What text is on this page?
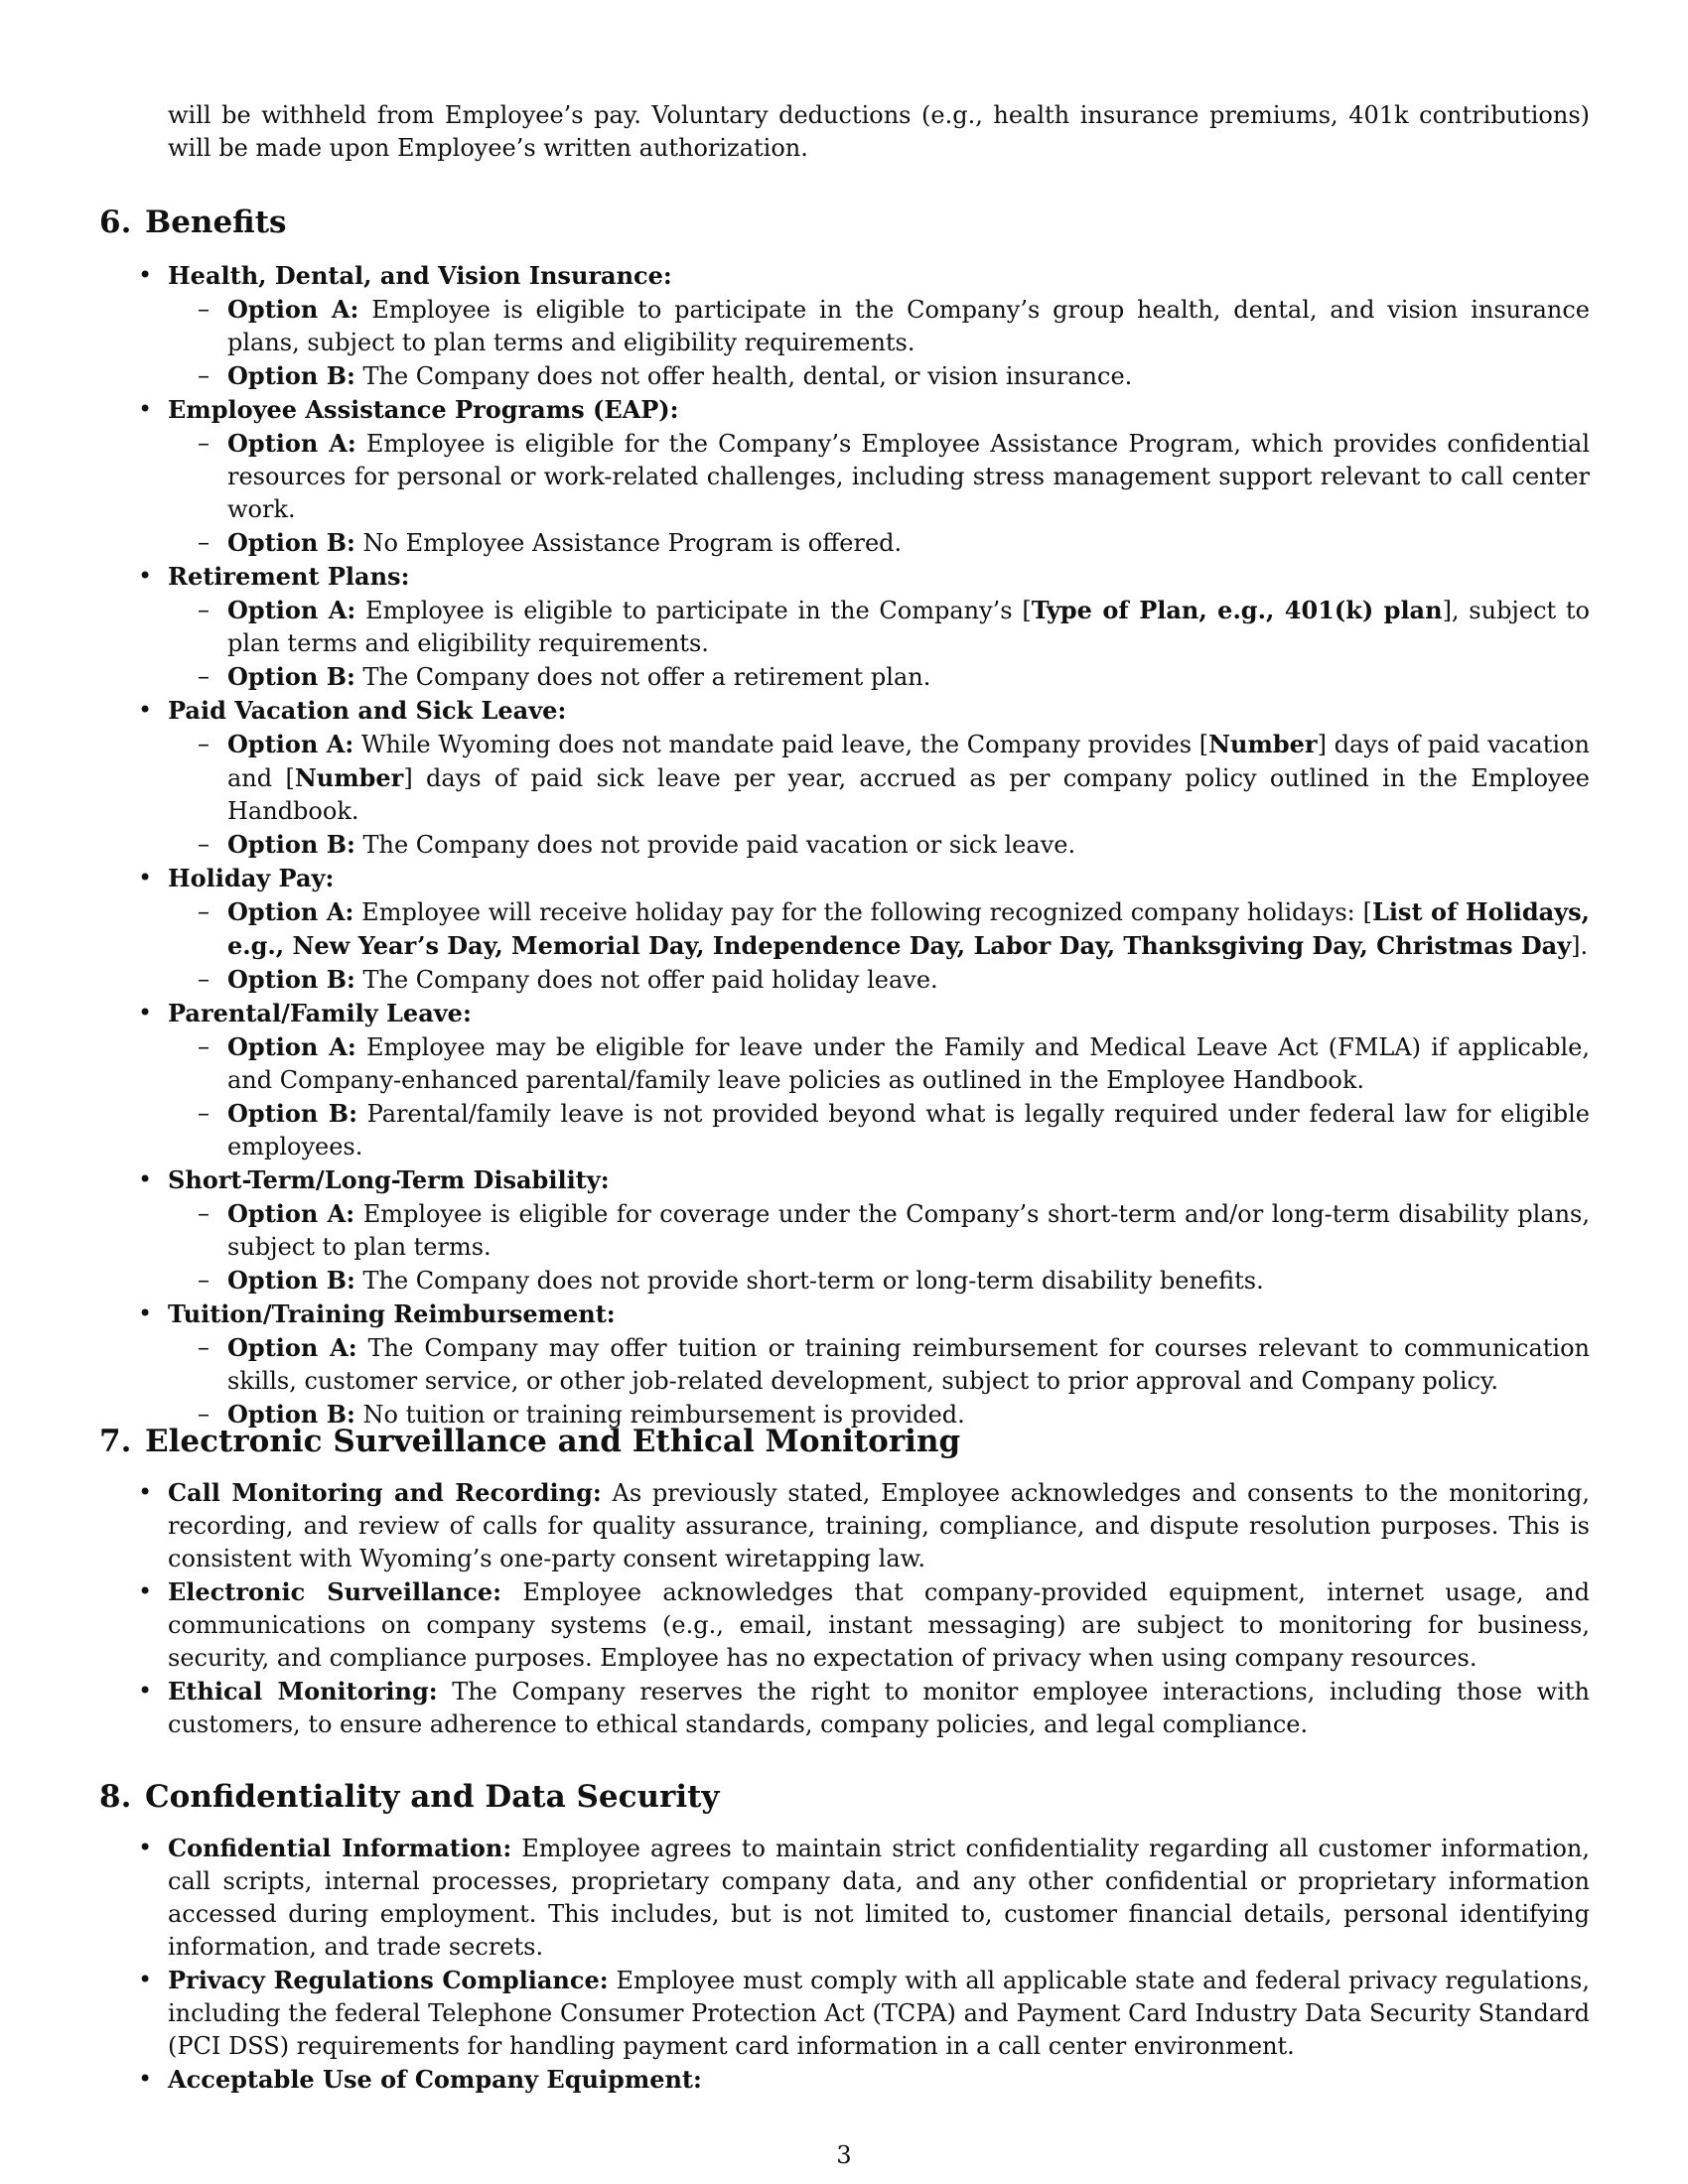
will be withheld from Employee’s pay. Voluntary deductions (e.g., health insurance premiums, 401k contributions) will be made upon Employee’s written authorization.

6. Benefits
• Health, Dental, and Vision Insurance:
– Option A: Employee is eligible to participate in the Company’s group health, dental, and vision insurance plans, subject to plan terms and eligibility requirements.
– Option B: The Company does not offer health, dental, or vision insurance.
• Employee Assistance Programs (EAP):
– Option A: Employee is eligible for the Company’s Employee Assistance Program, which provides confidential resources for personal or work-related challenges, including stress management support relevant to call center work.
– Option B: No Employee Assistance Program is offered.
• Retirement Plans:
– Option A: Employee is eligible to participate in the Company’s [Type of Plan, e.g., 401(k) plan], subject to plan terms and eligibility requirements.
– Option B: The Company does not offer a retirement plan.
• Paid Vacation and Sick Leave:
– Option A: While Wyoming does not mandate paid leave, the Company provides [Number] days of paid vacation and [Number] days of paid sick leave per year, accrued as per company policy outlined in the Employee Handbook.
– Option B: The Company does not provide paid vacation or sick leave.
• Holiday Pay:
– Option A: Employee will receive holiday pay for the following recognized company holidays: [List of Holidays, e.g., New Year’s Day, Memorial Day, Independence Day, Labor Day, Thanksgiving Day, Christmas Day].
– Option B: The Company does not offer paid holiday leave.
• Parental/Family Leave:
– Option A: Employee may be eligible for leave under the Family and Medical Leave Act (FMLA) if applicable, and Company-enhanced parental/family leave policies as outlined in the Employee Handbook.
– Option B: Parental/family leave is not provided beyond what is legally required under federal law for eligible employees.
• Short-Term/Long-Term Disability:
– Option A: Employee is eligible for coverage under the Company’s short-term and/or long-term disability plans, subject to plan terms.
– Option B: The Company does not provide short-term or long-term disability benefits.
• Tuition/Training Reimbursement:
– Option A: The Company may offer tuition or training reimbursement for courses relevant to communication skills, customer service, or other job-related development, subject to prior approval and Company policy.
– Option B: No tuition or training reimbursement is provided.
7. Electronic Surveillance and Ethical Monitoring
• Call Monitoring and Recording: As previously stated, Employee acknowledges and consents to the monitoring, recording, and review of calls for quality assurance, training, compliance, and dispute resolution purposes. This is consistent with Wyoming’s one-party consent wiretapping law.
• Electronic Surveillance: Employee acknowledges that company-provided equipment, internet usage, and communications on company systems (e.g., email, instant messaging) are subject to monitoring for business, security, and compliance purposes. Employee has no expectation of privacy when using company resources.
• Ethical Monitoring: The Company reserves the right to monitor employee interactions, including those with customers, to ensure adherence to ethical standards, company policies, and legal compliance.
8. Confidentiality and Data Security
• Confidential Information: Employee agrees to maintain strict confidentiality regarding all customer information, call scripts, internal processes, proprietary company data, and any other confidential or proprietary information accessed during employment. This includes, but is not limited to, customer financial details, personal identifying information, and trade secrets.
• Privacy Regulations Compliance: Employee must comply with all applicable state and federal privacy regulations, including the federal Telephone Consumer Protection Act (TCPA) and Payment Card Industry Data Security Standard (PCI DSS) requirements for handling payment card information in a call center environment.
• Acceptable Use of Company Equipment:
3
